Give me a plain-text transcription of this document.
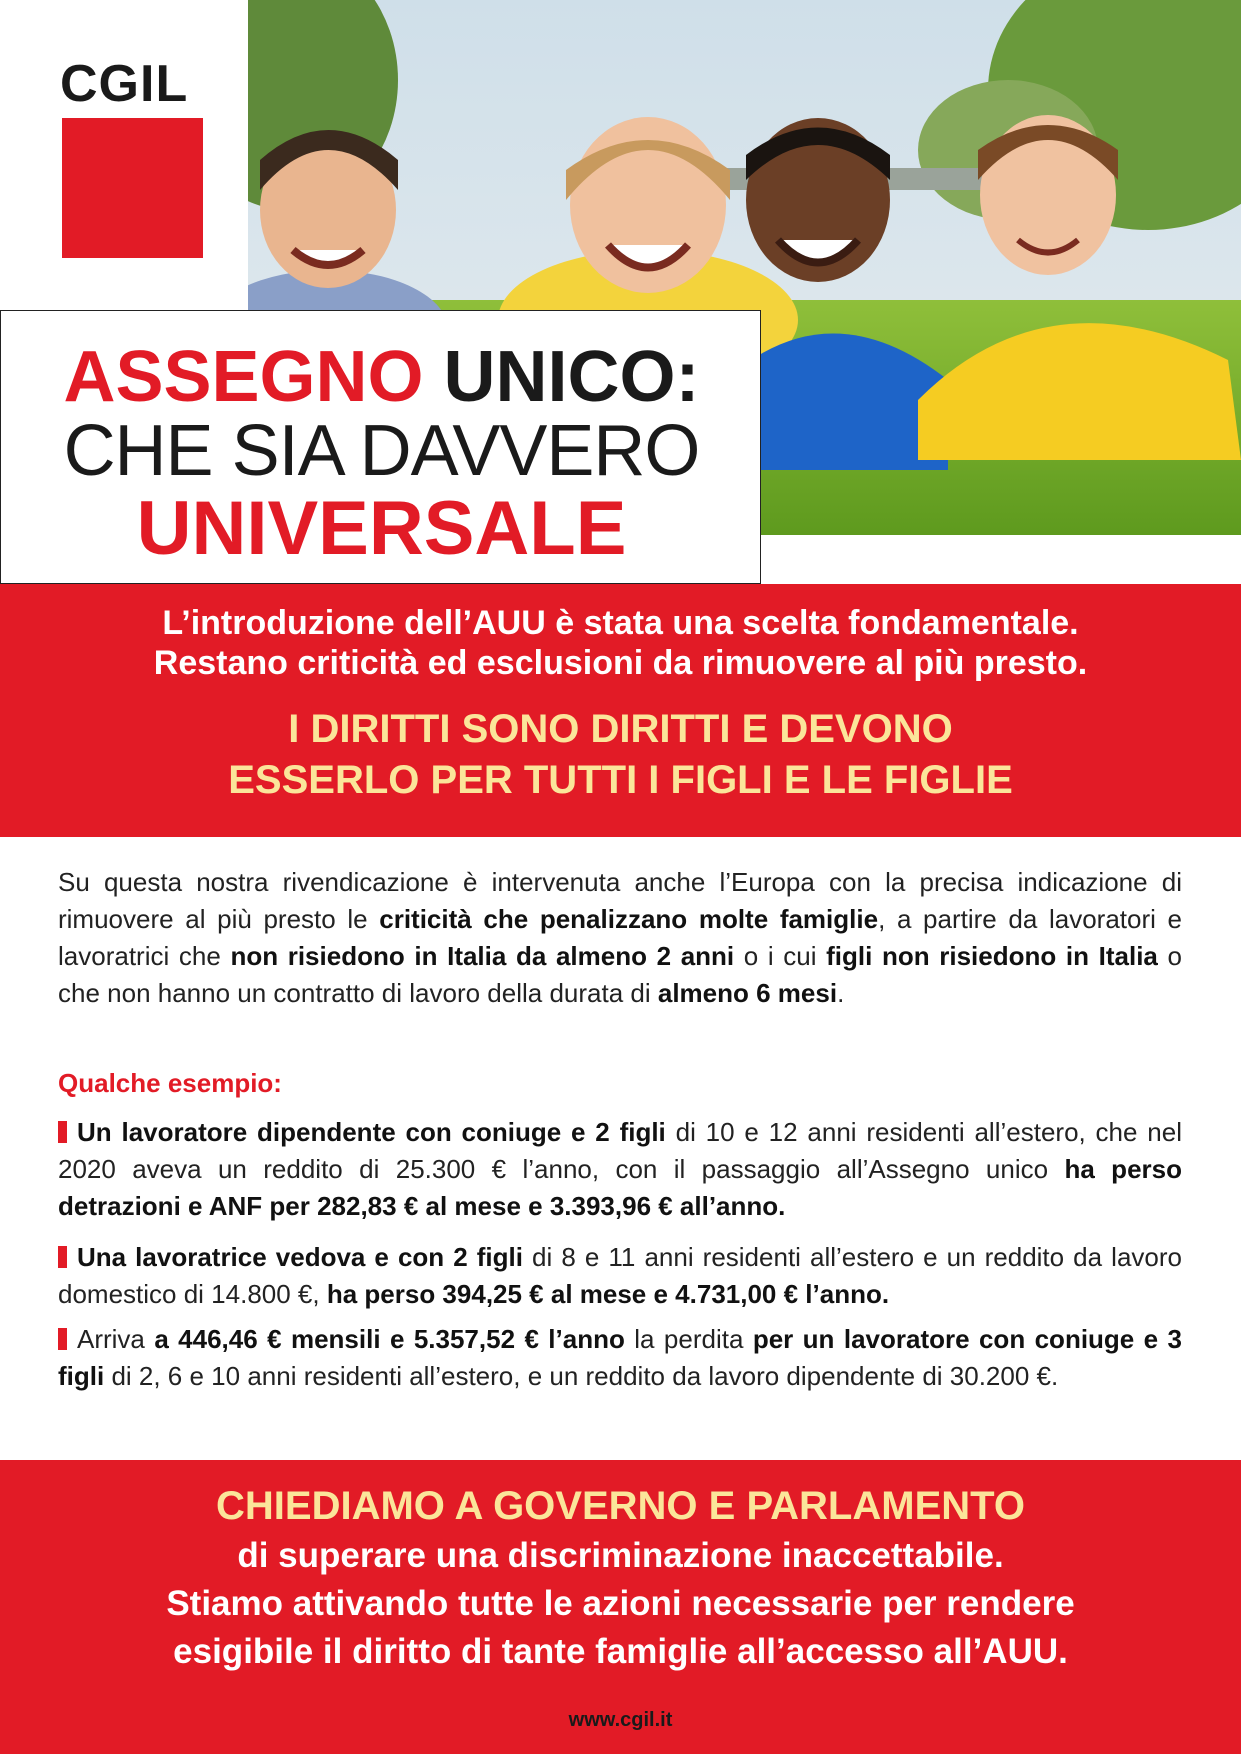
CGIL
ASSEGNO UNICO:
CHE SIA DAVVERO
UNIVERSALE
L’introduzione dell’AUU è stata una scelta fondamentale.
Restano criticità ed esclusioni da rimuovere al più presto.
I DIRITTI SONO DIRITTI E DEVONO
ESSERLO PER TUTTI I FIGLI E LE FIGLIE
Su questa nostra rivendicazione è intervenuta anche l’Europa con la precisa indicazione di rimuovere al più presto le criticità che penalizzano molte famiglie, a partire da lavoratori e lavoratrici che non risiedono in Italia da almeno 2 anni o i cui figli non risiedono in Italia o che non hanno un contratto di lavoro della durata di almeno 6 mesi.
Qualche esempio:
Un lavoratore dipendente con coniuge e 2 figli di 10 e 12 anni residenti all’estero, che nel 2020 aveva un reddito di 25.300 € l’anno, con il passaggio all’Assegno unico ha perso detrazioni e ANF per 282,83 € al mese e 3.393,96 € all’anno.
Una lavoratrice vedova e con 2 figli di 8 e 11 anni residenti all’estero e un reddito da lavoro domestico di 14.800 €, ha perso 394,25 € al mese e 4.731,00 € l’anno.
Arriva a 446,46 € mensili e 5.357,52 € l’anno la perdita per un lavoratore con coniuge e 3 figli di 2, 6 e 10 anni residenti all’estero, e un reddito da lavoro dipendente di 30.200 €.
CHIEDIAMO A GOVERNO E PARLAMENTO
di superare una discriminazione inaccettabile.
Stiamo attivando tutte le azioni necessarie per rendere
esigibile il diritto di tante famiglie all’accesso all’AUU.
www.cgil.it
